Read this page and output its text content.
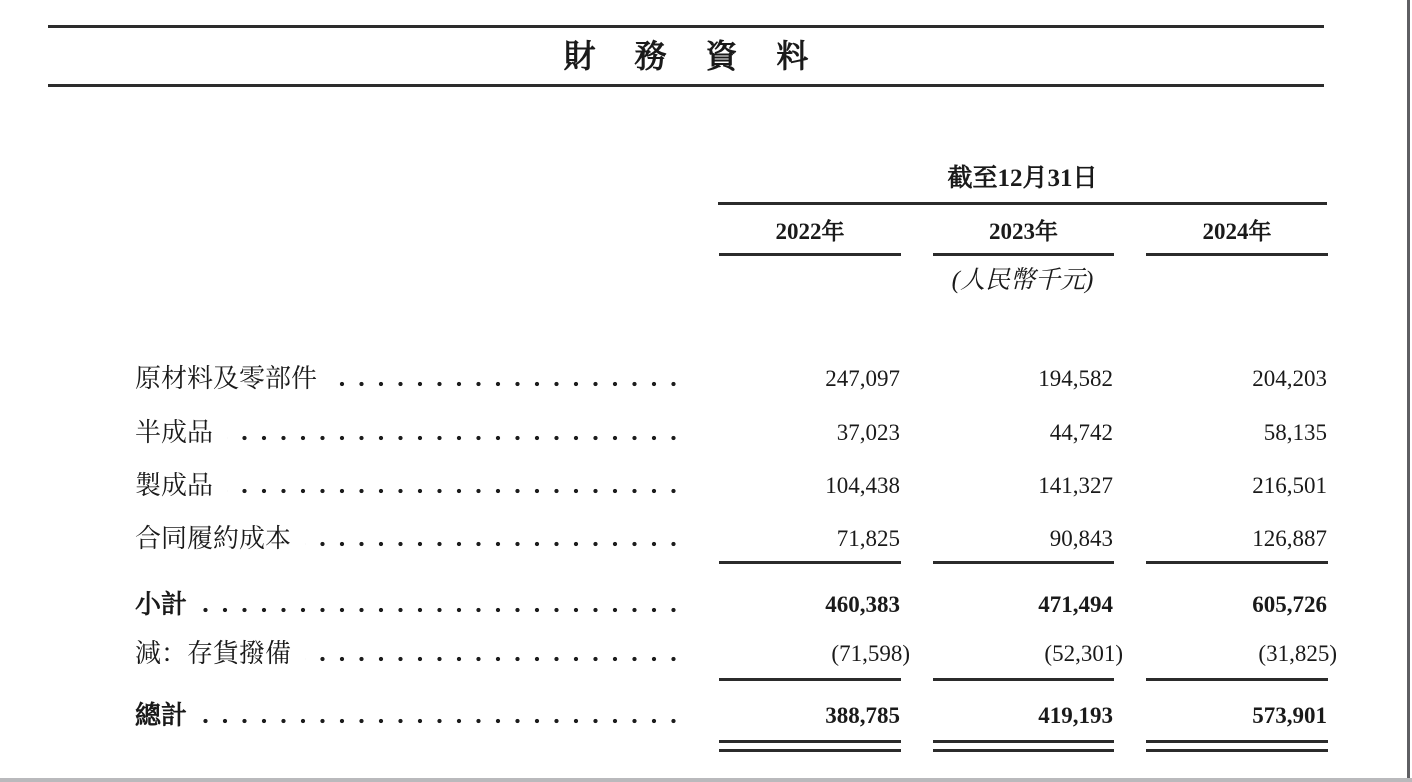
財 務 資 料
截至12月31日
2022年	2023年	2024年
(人民幣千元)
原材料及零部件	247,097	194,582	204,203
半成品	37,023	44,742	58,135
製成品	104,438	141,327	216,501
合同履約成本	71,825	90,843	126,887
小計	460,383	471,494	605,726
減：存貨撥備	(71,598)	(52,301)	(31,825)
總計	388,785	419,193	573,901
